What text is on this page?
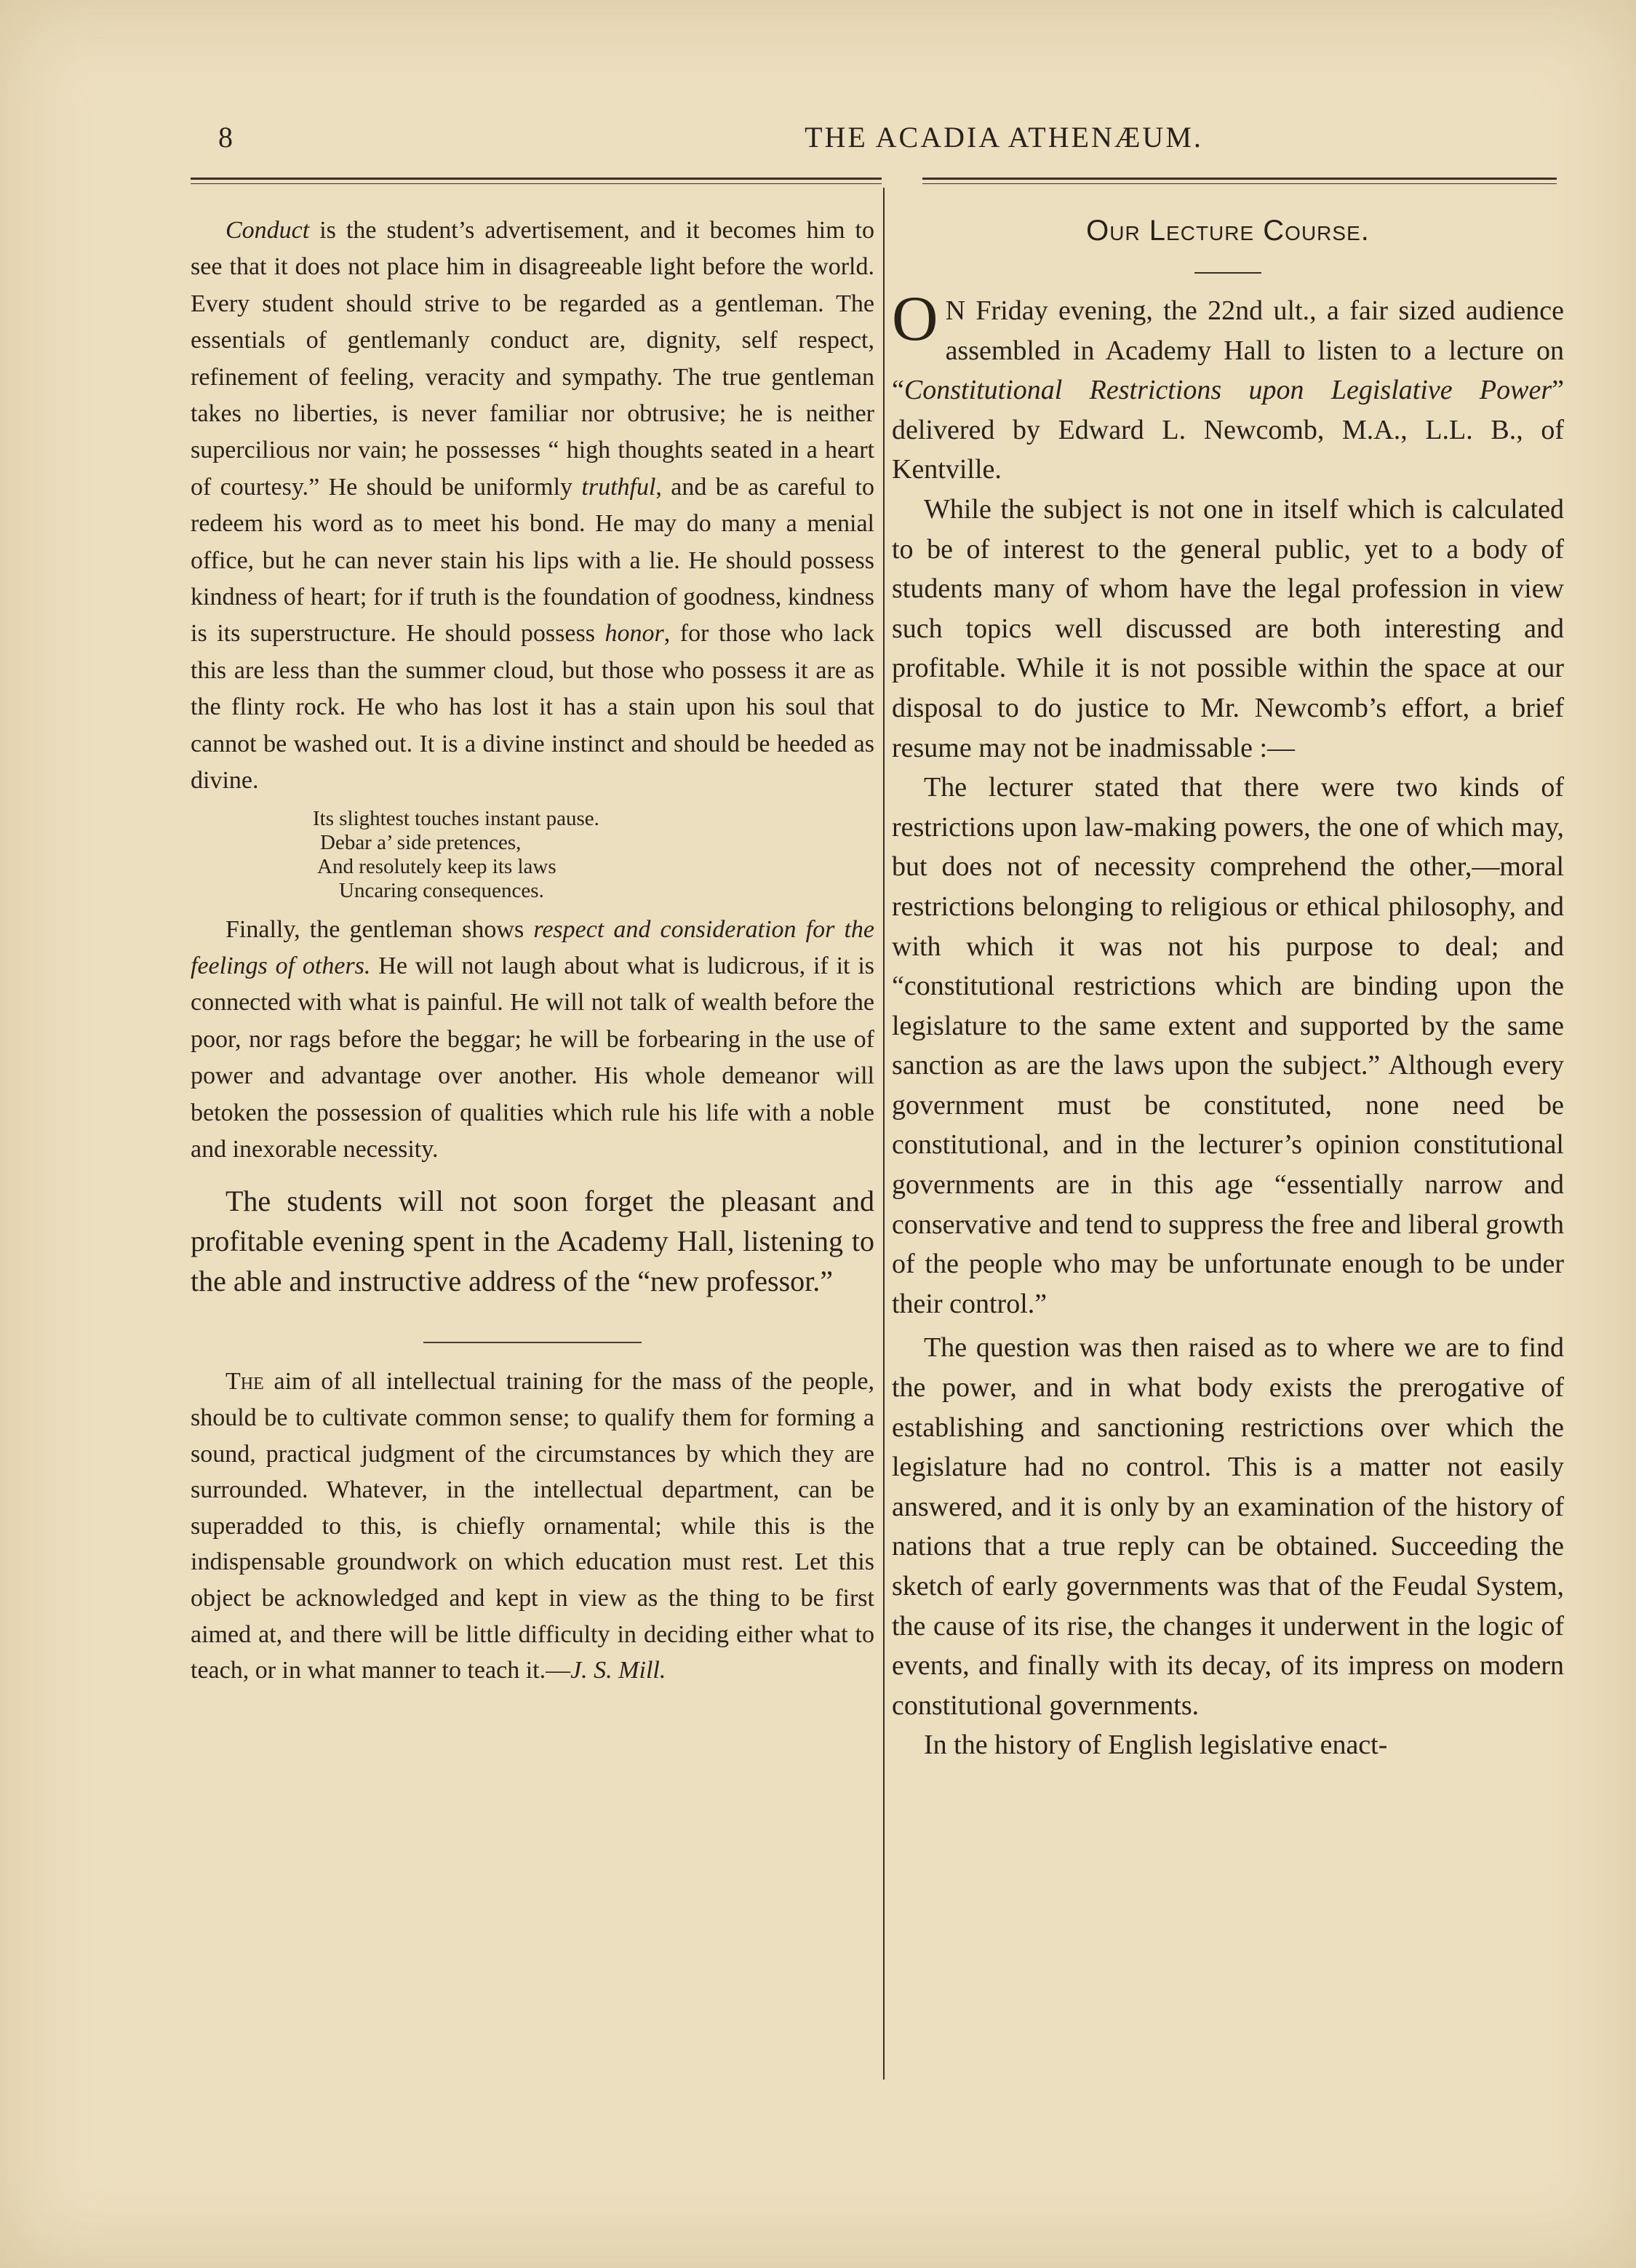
8	THE ACADIA ATHENÆUM.

Conduct is the student’s advertisement, and it becomes him to see that it does not place him in disagreeable light before the world. Every student should strive to be regarded as a gentleman. The essentials of gentlemanly conduct are, dignity, self respect, refinement of feeling, veracity and sympathy. The true gentleman takes no liberties, is never familiar nor obtrusive; he is neither supercilious nor vain; he possesses “ high thoughts seated in a heart of courtesy.” He should be uniformly truthful, and be as careful to redeem his word as to meet his bond. He may do many a menial office, but he can never stain his lips with a lie. He should possess kindness of heart; for if truth is the foundation of goodness, kindness is its superstructure. He should possess honor, for those who lack this are less than the summer cloud, but those who possess it are as the flinty rock. He who has lost it has a stain upon his soul that cannot be washed out. It is a divine instinct and should be heeded as divine.

Its slightest touches instant pause.
Debar a’ side pretences,
And resolutely keep its laws
Uncaring consequences.

Finally, the gentleman shows respect and consideration for the feelings of others. He will not laugh about what is ludicrous, if it is connected with what is painful. He will not talk of wealth before the poor, nor rags before the beggar; he will be forbearing in the use of power and advantage over another. His whole demeanor will betoken the possession of qualities which rule his life with a noble and inexorable necessity.

The students will not soon forget the pleasant and profitable evening spent in the Academy Hall, listening to the able and instructive address of the “new professor.”

The aim of all intellectual training for the mass of the people, should be to cultivate common sense; to qualify them for forming a sound, practical judgment of the circumstances by which they are surrounded. Whatever, in the intellectual department, can be superadded to this, is chiefly ornamental; while this is the indispensable groundwork on which education must rest. Let this object be acknowledged and kept in view as the thing to be first aimed at, and there will be little difficulty in deciding either what to teach, or in what manner to teach it.—J. S. Mill.

Our Lecture Course.

O N Friday evening, the 22nd ult., a fair sized audience assembled in Academy Hall to listen to a lecture on “Constitutional Restrictions upon Legislative Power” delivered by Edward L. Newcomb, M.A., L.L. B., of Kentville.

While the subject is not one in itself which is calculated to be of interest to the general public, yet to a body of students many of whom have the legal profession in view such topics well discussed are both interesting and profitable. While it is not possible within the space at our disposal to do justice to Mr. Newcomb’s effort, a brief resume may not be inadmissable :—

The lecturer stated that there were two kinds of restrictions upon law-making powers, the one of which may, but does not of necessity comprehend the other,—moral restrictions belonging to religious or ethical philosophy, and with which it was not his purpose to deal; and “constitutional restrictions which are binding upon the legislature to the same extent and supported by the same sanction as are the laws upon the subject.” Although every government must be constituted, none need be constitutional, and in the lecturer’s opinion constitutional governments are in this age “essentially narrow and conservative and tend to suppress the free and liberal growth of the people who may be unfortunate enough to be under their control.”

The question was then raised as to where we are to find the power, and in what body exists the prerogative of establishing and sanctioning restrictions over which the legislature had no control. This is a matter not easily answered, and it is only by an examination of the history of nations that a true reply can be obtained. Succeeding the sketch of early governments was that of the Feudal System, the cause of its rise, the changes it underwent in the logic of events, and finally with its decay, of its impress on modern constitutional governments.

In the history of English legislative enact-
